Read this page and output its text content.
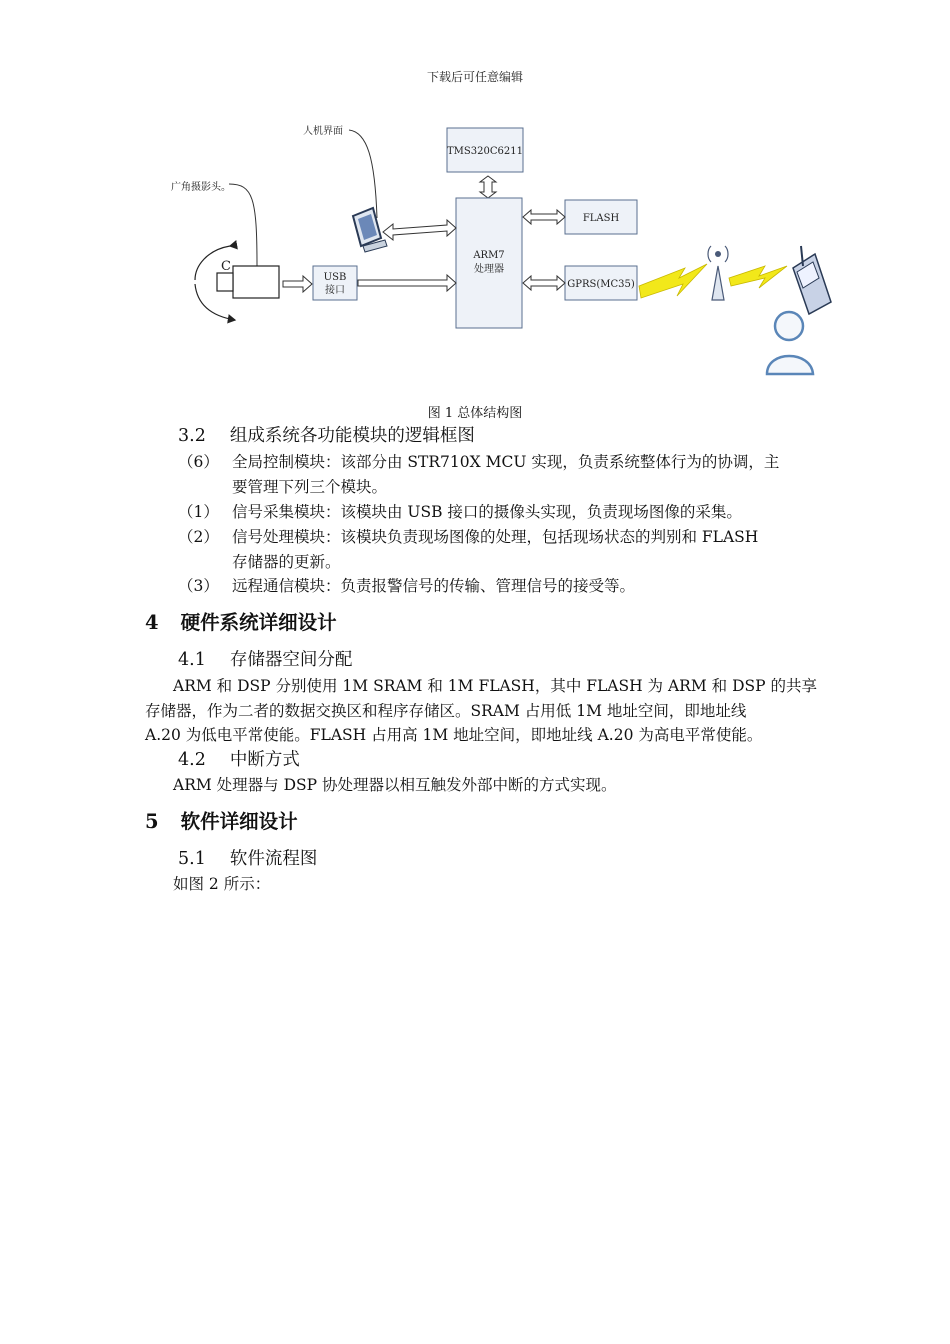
下载后可任意编辑
人机界面
广角摄影头。
TMS320C6211
ARM7
处理器
FLASH
GPRS(MC35)
C
USB
接口
图 1 总体结构图
3.2 组成系统各功能模块的逻辑框图
（6） 全局控制模块：该部分由 STR710X MCU 实现，负责系统整体行为的协调，主
要管理下列三个模块。
（1） 信号采集模块：该模块由 USB 接口的摄像头实现，负责现场图像的采集。
（2） 信号处理模块：该模块负责现场图像的处理，包括现场状态的判别和 FLASH
存储器的更新。
（3） 远程通信模块：负责报警信号的传输、管理信号的接受等。
4 硬件系统详细设计
4.1 存储器空间分配
ARM 和 DSP 分别使用 1M SRAM 和 1M FLASH，其中 FLASH 为 ARM 和 DSP 的共享
存储器，作为二者的数据交换区和程序存储区。SRAM 占用低 1M 地址空间，即地址线
A.20 为低电平常使能。FLASH 占用高 1M 地址空间，即地址线 A.20 为高电平常使能。
4.2 中断方式
ARM 处理器与 DSP 协处理器以相互触发外部中断的方式实现。
5 软件详细设计
5.1 软件流程图
如图 2 所示：
